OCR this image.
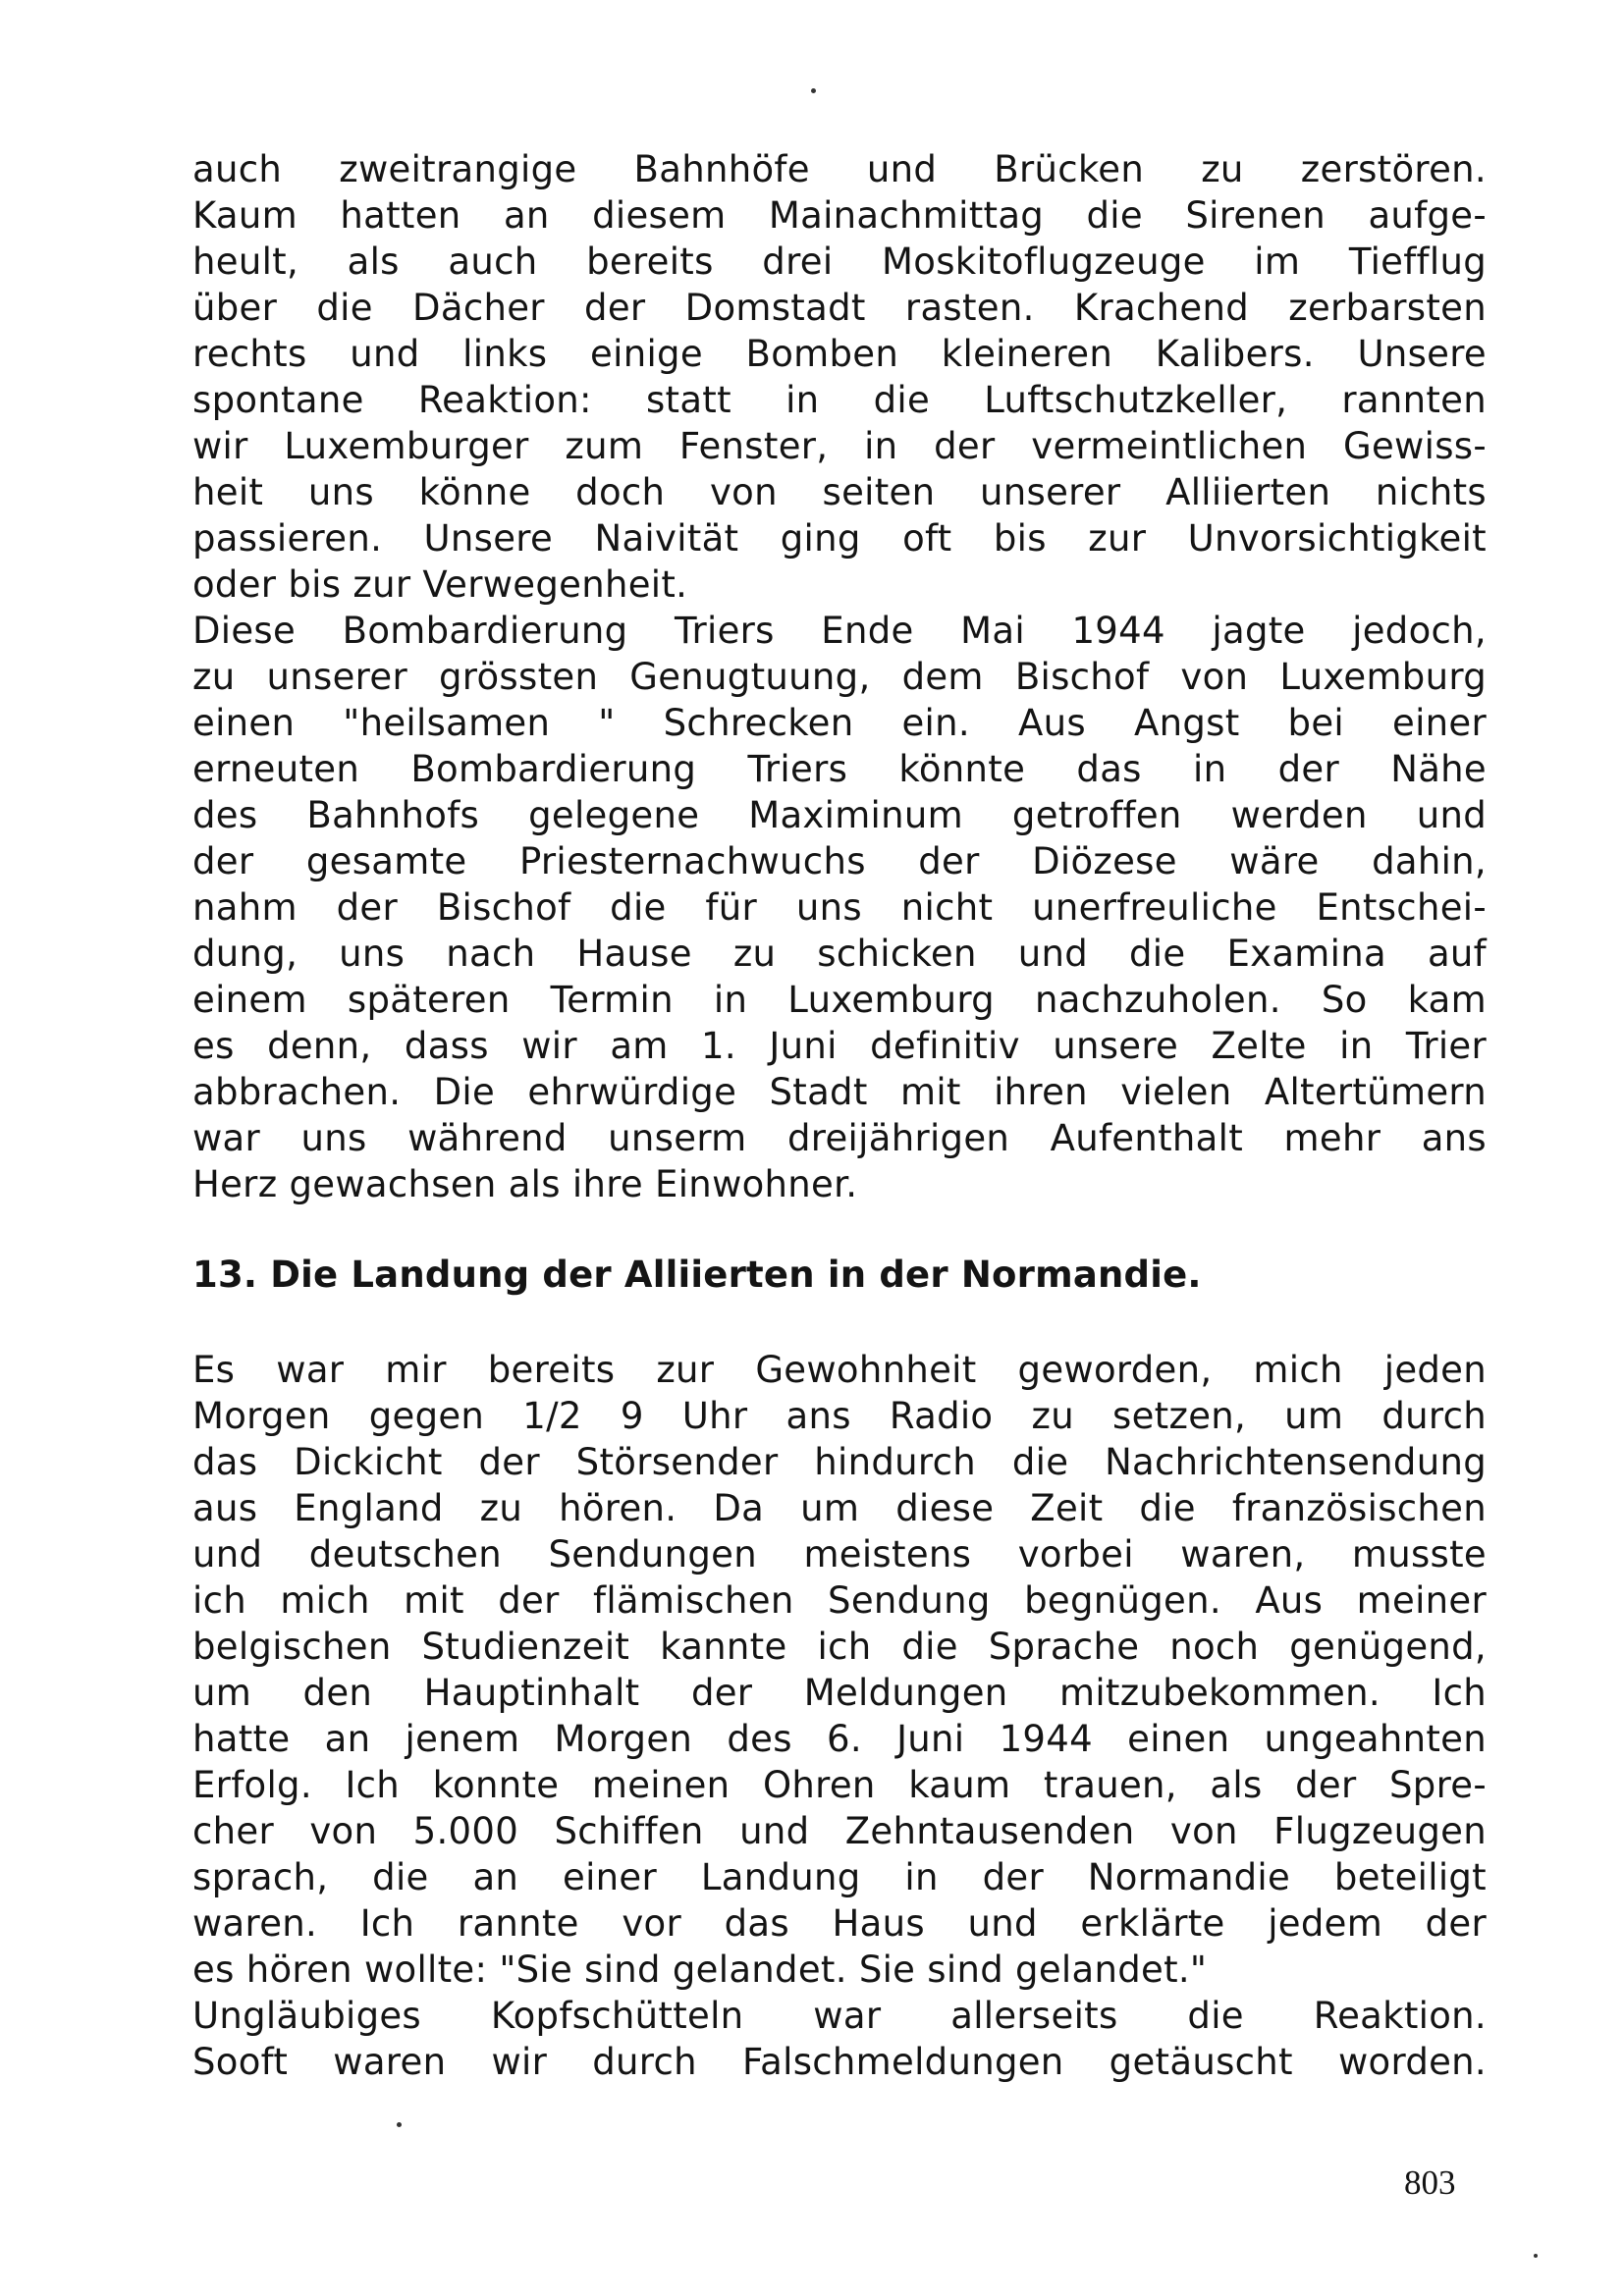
auch zweitrangige Bahnhöfe und Brücken zu zerstören.
Kaum hatten an diesem Mainachmittag die Sirenen aufge-
heult, als auch bereits drei Moskitoflugzeuge im Tiefflug
über die Dächer der Domstadt rasten. Krachend zerbarsten
rechts und links einige Bomben kleineren Kalibers. Unsere
spontane Reaktion: statt in die Luftschutzkeller, rannten
wir Luxemburger zum Fenster, in der vermeintlichen Gewiss-
heit uns könne doch von seiten unserer Alliierten nichts
passieren. Unsere Naivität ging oft bis zur Unvorsichtigkeit
oder bis zur Verwegenheit.
Diese Bombardierung Triers Ende Mai 1944 jagte jedoch,
zu unserer grössten Genugtuung, dem Bischof von Luxemburg
einen "heilsamen " Schrecken ein. Aus Angst bei einer
erneuten Bombardierung Triers könnte das in der Nähe
des Bahnhofs gelegene Maximinum getroffen werden und
der gesamte Priesternachwuchs der Diözese wäre dahin,
nahm der Bischof die für uns nicht unerfreuliche Entschei-
dung, uns nach Hause zu schicken und die Examina auf
einem späteren Termin in Luxemburg nachzuholen. So kam
es denn, dass wir am 1. Juni definitiv unsere Zelte in Trier
abbrachen. Die ehrwürdige Stadt mit ihren vielen Altertümern
war uns während unserm dreijährigen Aufenthalt mehr ans
Herz gewachsen als ihre Einwohner.
13. Die Landung der Alliierten in der Normandie.
Es war mir bereits zur Gewohnheit geworden, mich jeden
Morgen gegen 1/2 9 Uhr ans Radio zu setzen, um durch
das Dickicht der Störsender hindurch die Nachrichtensendung
aus England zu hören. Da um diese Zeit die französischen
und deutschen Sendungen meistens vorbei waren, musste
ich mich mit der flämischen Sendung begnügen. Aus meiner
belgischen Studienzeit kannte ich die Sprache noch genügend,
um den Hauptinhalt der Meldungen mitzubekommen. Ich
hatte an jenem Morgen des 6. Juni 1944 einen ungeahnten
Erfolg. Ich konnte meinen Ohren kaum trauen, als der Spre-
cher von 5.000 Schiffen und Zehntausenden von Flugzeugen
sprach, die an einer Landung in der Normandie beteiligt
waren. Ich rannte vor das Haus und erklärte jedem der
es hören wollte: "Sie sind gelandet. Sie sind gelandet."
Ungläubiges Kopfschütteln war allerseits die Reaktion.
Sooft waren wir durch Falschmeldungen getäuscht worden.
803
